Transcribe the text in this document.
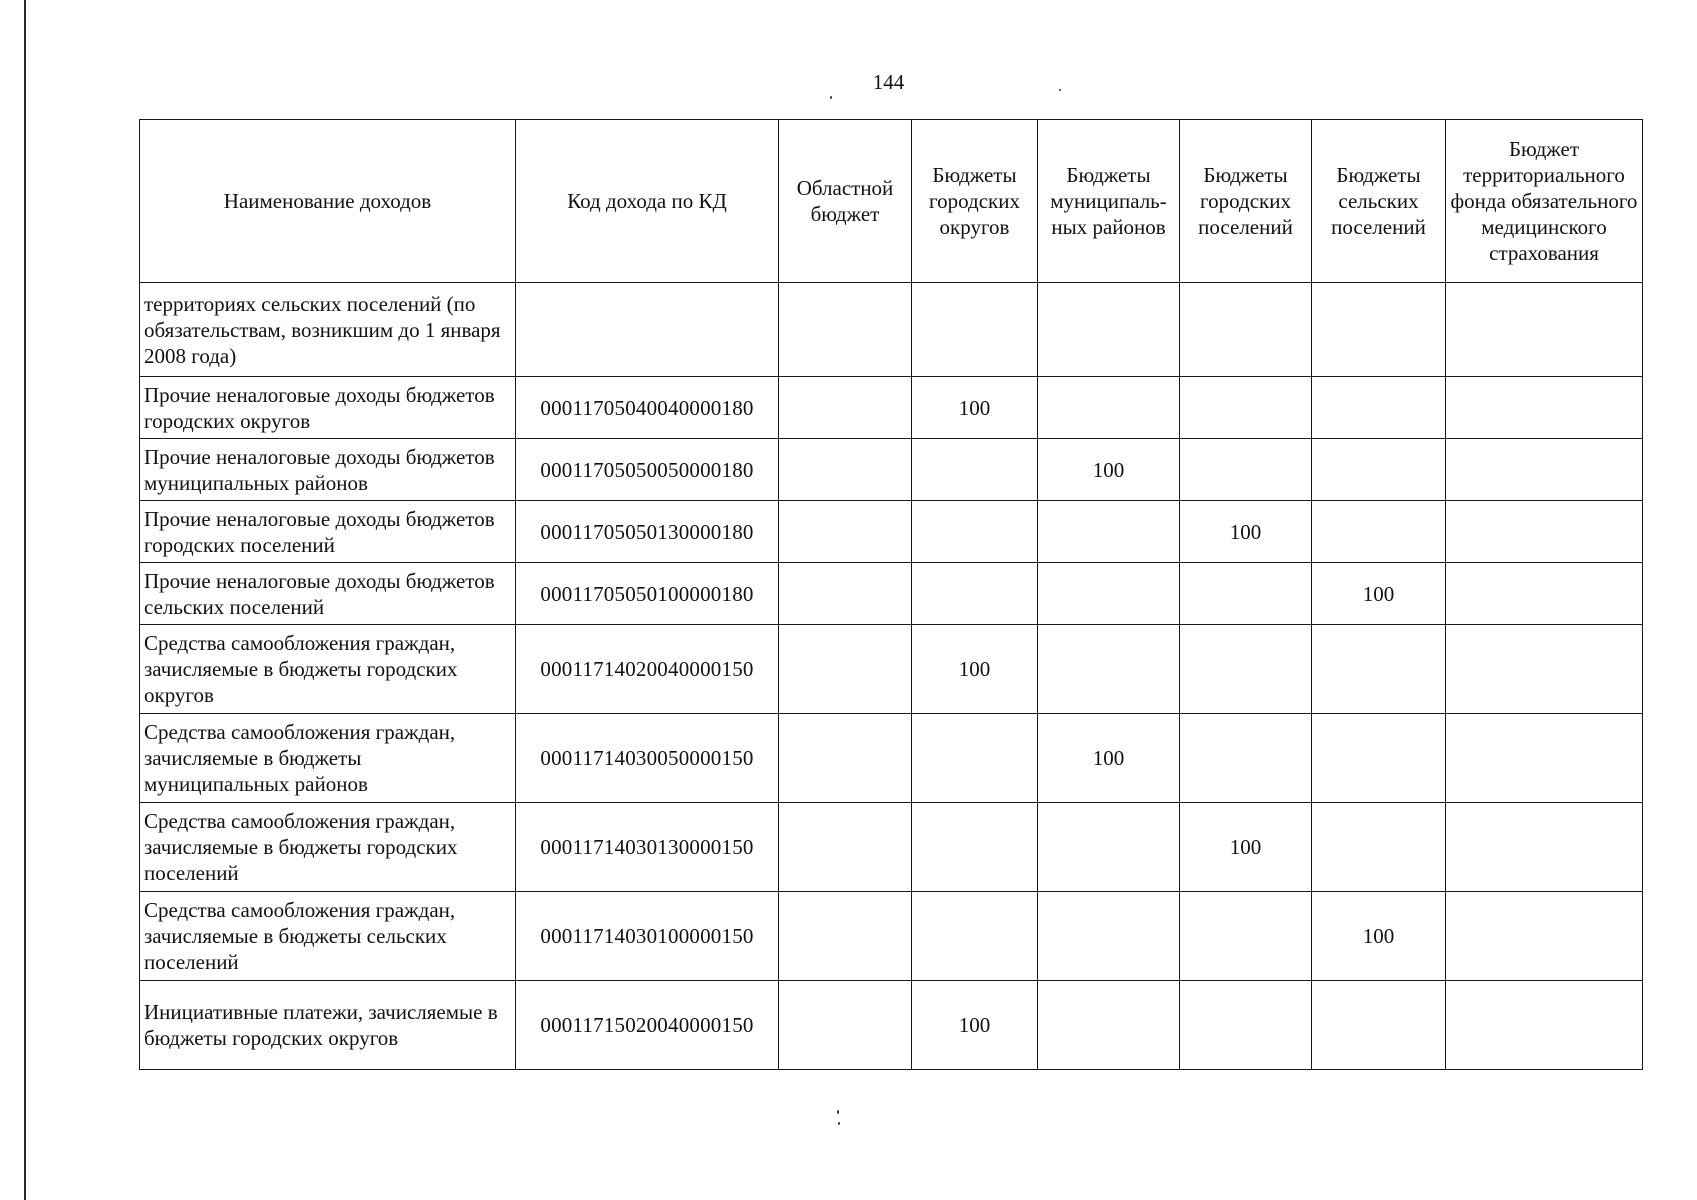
144
Наименование доходов	Код дохода по КД	Областной бюджет	Бюджеты городских округов	Бюджеты муниципаль-ных районов	Бюджеты городских поселений	Бюджеты сельских поселений	Бюджет территориального фонда обязательного медицинского страхования
территориях сельских поселений (по обязательствам, возникшим до 1 января 2008 года)							
Прочие неналоговые доходы бюджетов городских округов	00011705040040000180		100				
Прочие неналоговые доходы бюджетов муниципальных районов	00011705050050000180			100			
Прочие неналоговые доходы бюджетов городских поселений	00011705050130000180				100		
Прочие неналоговые доходы бюджетов сельских поселений	00011705050100000180					100	
Средства самообложения граждан, зачисляемые в бюджеты городских округов	00011714020040000150		100				
Средства самообложения граждан, зачисляемые в бюджеты муниципальных районов	00011714030050000150			100			
Средства самообложения граждан, зачисляемые в бюджеты городских поселений	00011714030130000150				100		
Средства самообложения граждан, зачисляемые в бюджеты сельских поселений	00011714030100000150					100	
Инициативные платежи, зачисляемые в бюджеты городских округов	00011715020040000150		100				
